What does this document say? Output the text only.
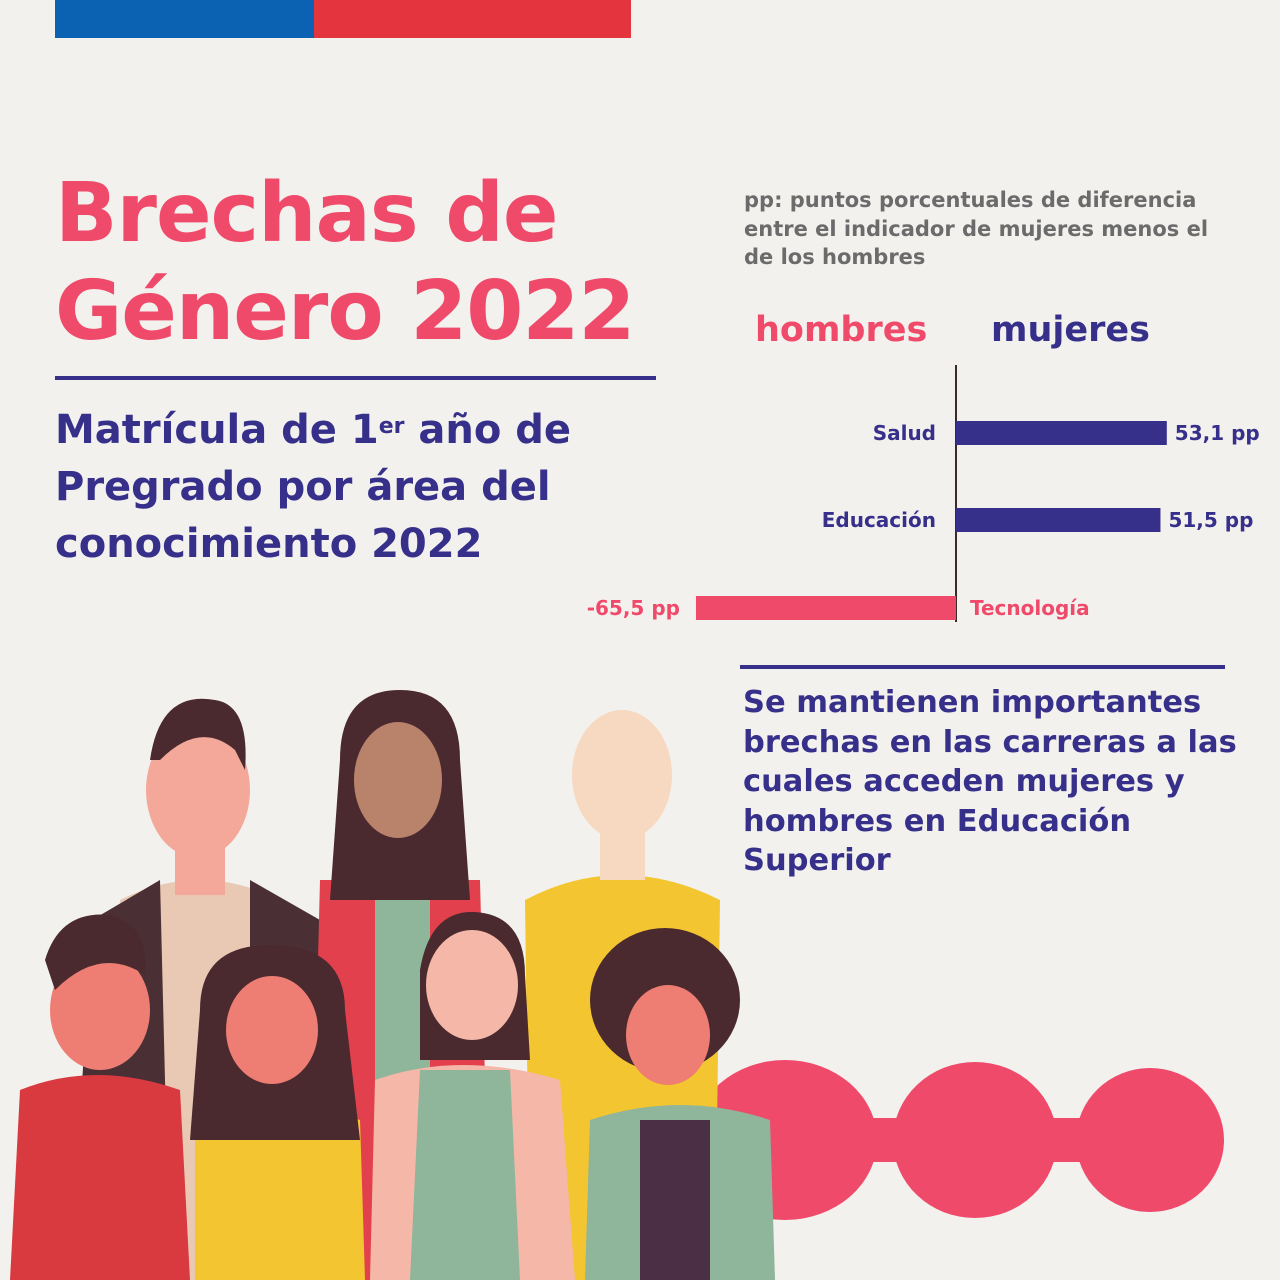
Brechas de
Género 2022
Matrícula de 1er año de Pregrado por área del conocimiento 2022

pp: puntos porcentuales de diferencia entre el indicador de mujeres menos el de los hombres

hombres mujeres

Salud	53,1 pp
Educación	51,5 pp
Tecnología
-65,5 pp

Se mantienen importantes brechas en las carreras a las cuales acceden mujeres y hombres en Educación Superior
